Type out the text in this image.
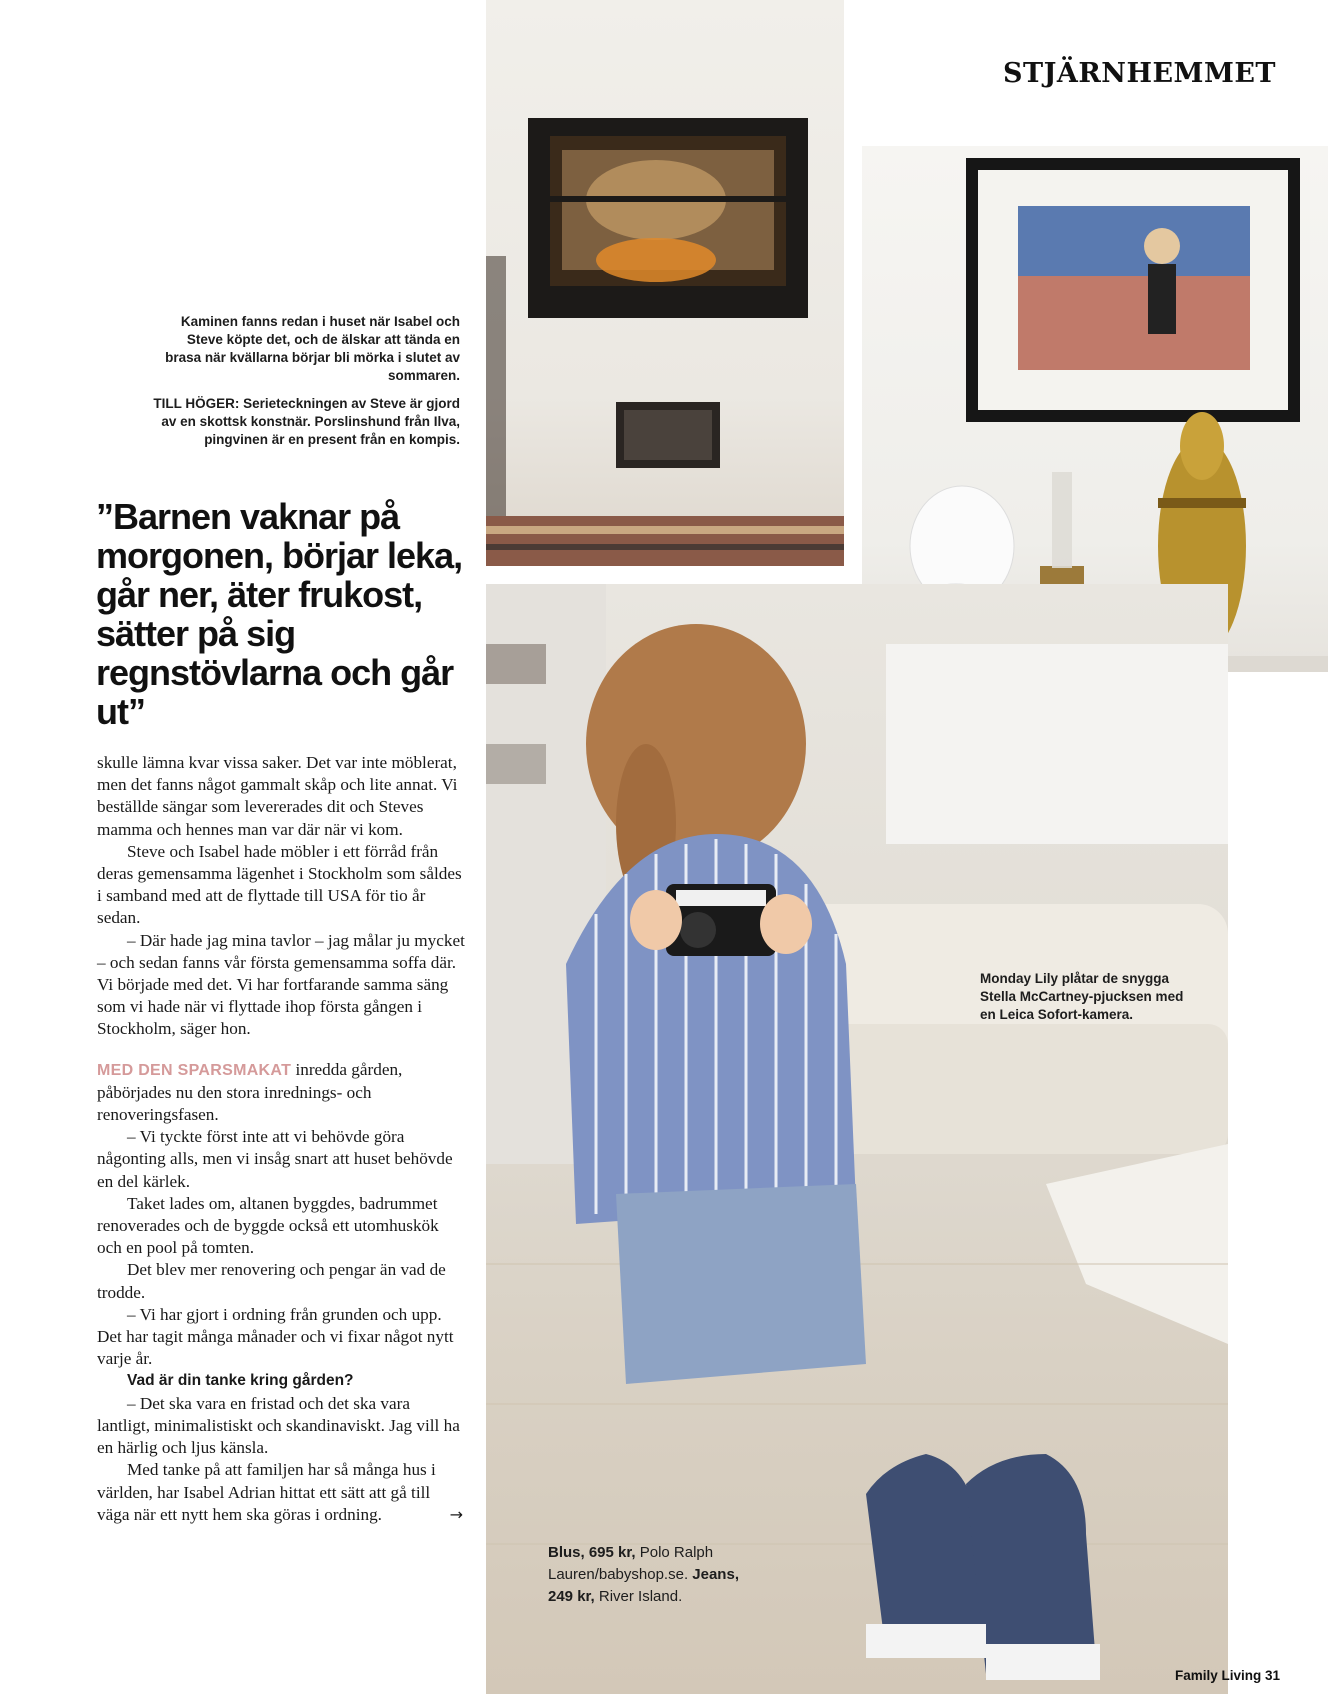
STJÄRNHEMMET

Kaminen fanns redan i huset när Isabel och Steve köpte det, och de älskar att tända en brasa när kvällarna börjar bli mörka i slutet av sommaren.

TILL HÖGER: Serieteckningen av Steve är gjord av en skottsk konstnär. Porslinshund från Ilva, pingvinen är en present från en kompis.

Monday Lily plåtar de snygga Stella McCartney-pjucksen med en Leica Sofort-kamera.
Blus, 695 kr, Polo Ralph Lauren/babyshop.se. Jeans, 249 kr, River Island.
”Barnen vaknar på morgonen, börjar leka, går ner, äter frukost, sätter på sig regnstövlarna och går ut”

skulle lämna kvar vissa saker. Det var inte möblerat, men det fanns något gammalt skåp och lite annat. Vi beställde sängar som levererades dit och Steves mamma och hennes man var där när vi kom.

Steve och Isabel hade möbler i ett förråd från deras gemensamma lägenhet i Stockholm som såldes i samband med att de flyttade till USA för tio år sedan.

– Där hade jag mina tavlor – jag målar ju mycket – och sedan fanns vår första gemensamma soffa där. Vi började med det. Vi har fortfarande samma säng som vi hade när vi flyttade ihop första gången i Stockholm, säger hon.

MED DEN SPARSMAKAT inredda gården, påbörjades nu den stora inrednings- och renoveringsfasen.

– Vi tyckte först inte att vi behövde göra någonting alls, men vi insåg snart att huset behövde en del kärlek.

Taket lades om, altanen byggdes, badrummet renoverades och de byggde också ett utomhuskök och en pool på tomten.

Det blev mer renovering och pengar än vad de trodde.

– Vi har gjort i ordning från grunden och upp. Det har tagit många månader och vi fixar något nytt varje år.

Vad är din tanke kring gården?

– Det ska vara en fristad och det ska vara lantligt, minimalistiskt och skandinaviskt. Jag vill ha en härlig och ljus känsla.

Med tanke på att familjen har så många hus i världen, har Isabel Adrian hittat ett sätt att gå till väga när ett nytt hem ska göras i ordning.	→
Family Living 31
